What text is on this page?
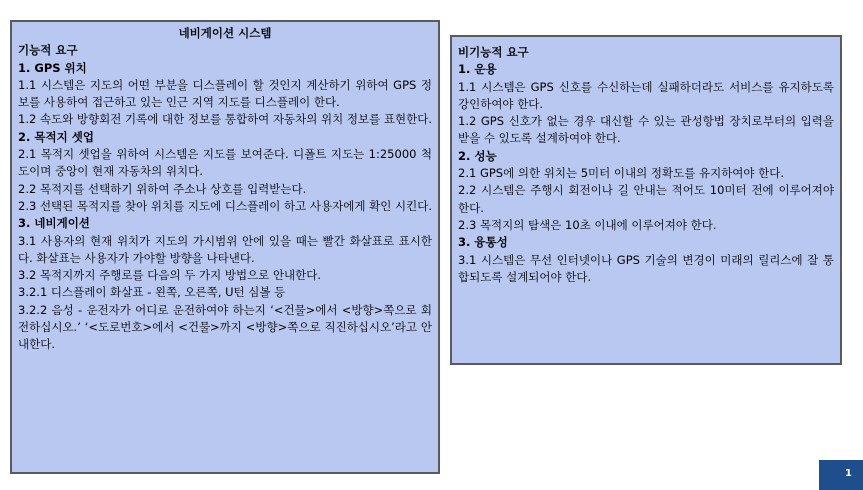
네비게이션 시스템
기능적 요구
1. GPS 위치
1.1 시스템은 지도의 어떤 부분을 디스플레이 할 것인지 계산하기 위하여 GPS 정보를 사용하여 접근하고 있는 인근 지역 지도를 디스플레이 한다.
1.2 속도와 방향회전 기록에 대한 정보를 통합하여 자동차의 위치 정보를 표현한다.
2. 목적지 셋업
2.1 목적지 셋업을 위하여 시스템은 지도를 보여준다. 디폴트 지도는 1:25000 척도이며 중앙이 현재 자동차의 위치다.
2.2 목적지를 선택하기 위하여 주소나 상호를 입력받는다.
2.3 선택된 목적지를 찾아 위치를 지도에 디스플레이 하고 사용자에게 확인 시킨다.
3. 네비게이션
3.1 사용자의 현재 위치가 지도의 가시범위 안에 있을 때는 빨간 화살표로 표시한다. 화살표는 사용자가 가야할 방향을 나타낸다.
3.2 목적지까지 주행로를 다음의 두 가지 방법으로 안내한다.
3.2.1 디스플레이 화살표 - 왼쪽, 오른쪽, U턴 심볼 등
3.2.2 음성 - 운전자가 어디로 운전하여야 하는지 ‘<건물>에서 <방향>쪽으로 회전하십시오.’ ‘<도로번호>에서 <건물>까지 <방향>쪽으로 직진하십시오’라고 안내한다.
비기능적 요구
1. 운용
1.1 시스템은 GPS 신호를 수신하는데 실패하더라도 서비스를 유지하도록 강인하여야 한다.
1.2 GPS 신호가 없는 경우 대신할 수 있는 관성항법 장치로부터의 입력을 받을 수 있도록 설계하여야 한다.
2. 성능
2.1 GPS에 의한 위치는 5미터 이내의 정확도를 유지하여야 한다.
2.2 시스템은 주행시 회전이나 길 안내는 적어도 10미터 전에 이루어져야 한다.
2.3 목적지의 탐색은 10초 이내에 이루어져야 한다.
3. 융통성
3.1 시스템은 무선 인터넷이나 GPS 기술의 변경이 미래의 릴리스에 잘 통합되도록 설계되어야 한다.
1
